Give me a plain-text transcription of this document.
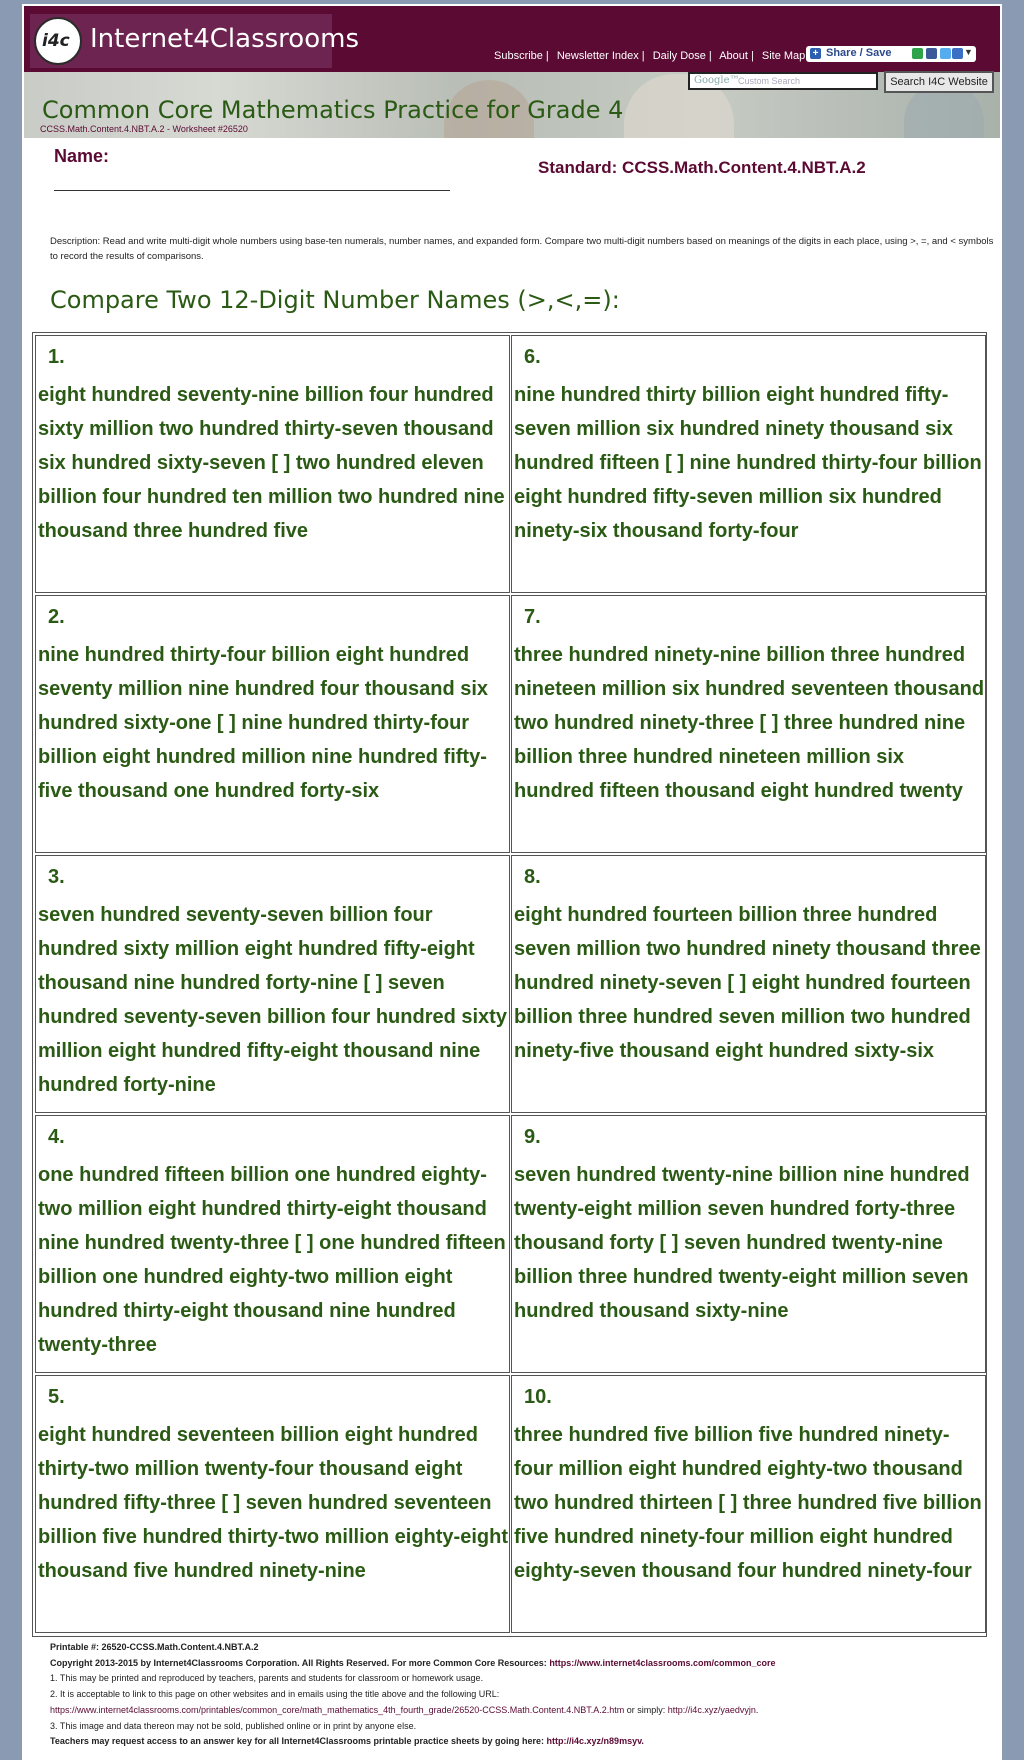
i4c Internet4Classrooms
Subscribe | Newsletter Index | Daily Dose | About | Site Map + Share / Save	▼
Google™
Custom Search	Search I4C Website
Common Core Mathematics Practice for Grade 4
CCSS.Math.Content.4.NBT.A.2 - Worksheet #26520
Name:
Standard: CCSS.Math.Content.4.NBT.A.2
Description: Read and write multi-digit whole numbers using base-ten numerals, number names, and expanded form. Compare two multi-digit numbers based on meanings of the digits in each place, using >, =, and < symbols to record the results of comparisons.
Compare Two 12-Digit Number Names (>,<,=):
1.
eight hundred seventy-nine billion four hundred sixty million two hundred thirty-seven thousand six hundred sixty-seven [ ] two hundred eleven billion four hundred ten million two hundred nine thousand three hundred five
6.
nine hundred thirty billion eight hundred fifty-seven million six hundred ninety thousand six hundred fifteen [ ] nine hundred thirty-four billion eight hundred fifty-seven million six hundred ninety-six thousand forty-four
2.
nine hundred thirty-four billion eight hundred seventy million nine hundred four thousand six hundred sixty-one [ ] nine hundred thirty-four billion eight hundred million nine hundred fifty-five thousand one hundred forty-six
7.
three hundred ninety-nine billion three hundred nineteen million six hundred seventeen thousand two hundred ninety-three [ ] three hundred nine billion three hundred nineteen million six hundred fifteen thousand eight hundred twenty
3.
seven hundred seventy-seven billion four hundred sixty million eight hundred fifty-eight thousand nine hundred forty-nine [ ] seven hundred seventy-seven billion four hundred sixty million eight hundred fifty-eight thousand nine hundred forty-nine
8.
eight hundred fourteen billion three hundred seven million two hundred ninety thousand three hundred ninety-seven [ ] eight hundred fourteen billion three hundred seven million two hundred ninety-five thousand eight hundred sixty-six
4.
one hundred fifteen billion one hundred eighty-two million eight hundred thirty-eight thousand nine hundred twenty-three [ ] one hundred fifteen billion one hundred eighty-two million eight hundred thirty-eight thousand nine hundred twenty-three
9.
seven hundred twenty-nine billion nine hundred twenty-eight million seven hundred forty-three thousand forty [ ] seven hundred twenty-nine billion three hundred twenty-eight million seven hundred thousand sixty-nine
5.
eight hundred seventeen billion eight hundred thirty-two million twenty-four thousand eight hundred fifty-three [ ] seven hundred seventeen billion five hundred thirty-two million eighty-eight thousand five hundred ninety-nine
10.
three hundred five billion five hundred ninety-four million eight hundred eighty-two thousand two hundred thirteen [ ] three hundred five billion five hundred ninety-four million eight hundred eighty-seven thousand four hundred ninety-four
Printable #: 26520-CCSS.Math.Content.4.NBT.A.2
Copyright 2013-2015 by Internet4Classrooms Corporation. All Rights Reserved. For more Common Core Resources: https://www.internet4classrooms.com/common_core
1. This may be printed and reproduced by teachers, parents and students for classroom or homework usage.
2. It is acceptable to link to this page on other websites and in emails using the title above and the following URL:
https://www.internet4classrooms.com/printables/common_core/math_mathematics_4th_fourth_grade/26520-CCSS.Math.Content.4.NBT.A.2.htm or simply: http://i4c.xyz/yaedvyjn.
3. This image and data thereon may not be sold, published online or in print by anyone else.
Teachers may request access to an answer key for all Internet4Classrooms printable practice sheets by going here: http://i4c.xyz/n89msyv.
